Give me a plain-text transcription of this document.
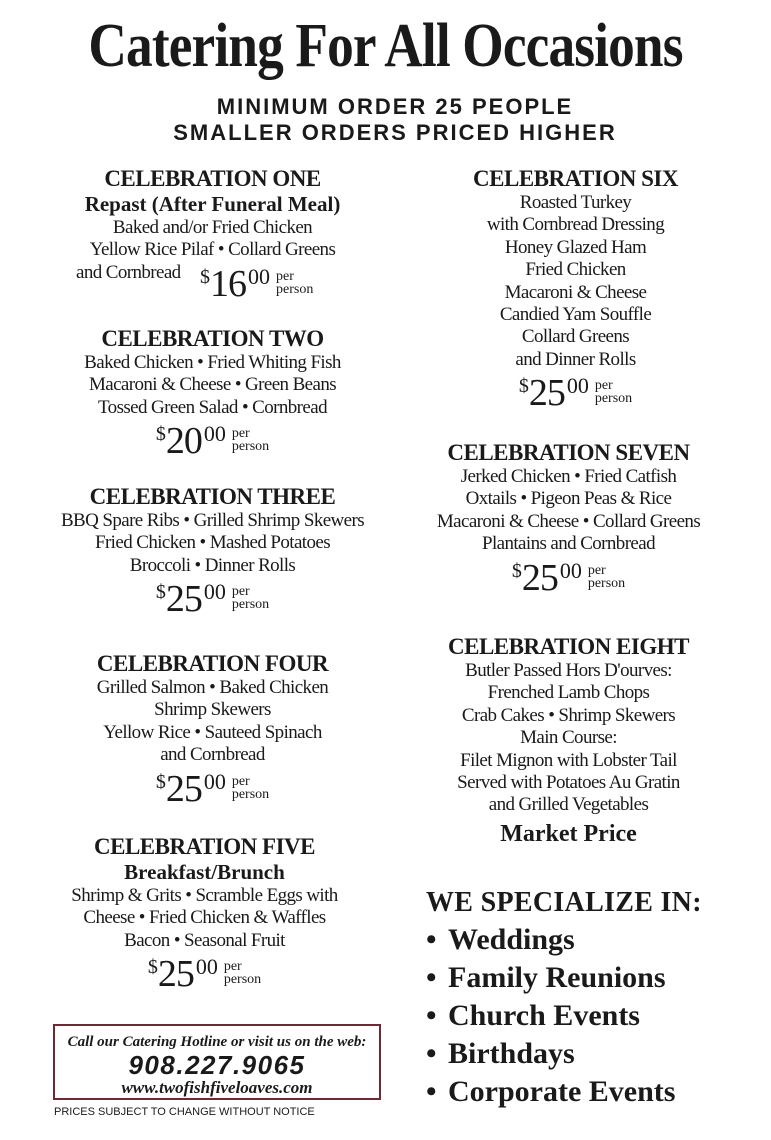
Catering For All Occasions
MINIMUM ORDER 25 PEOPLE
SMALLER ORDERS PRICED HIGHER
CELEBRATION ONE
Repast (After Funeral Meal)
Baked and/or Fried Chicken
Yellow Rice Pilaf • Collard Greens
and Cornbread $ 16 00 per
person
CELEBRATION TWO
Baked Chicken • Fried Whiting Fish
Macaroni & Cheese • Green Beans
Tossed Green Salad • Cornbread
$ 20 00 per
person
CELEBRATION THREE
BBQ Spare Ribs • Grilled Shrimp Skewers
Fried Chicken • Mashed Potatoes
Broccoli • Dinner Rolls
$ 25 00 per
person
CELEBRATION FOUR
Grilled Salmon • Baked Chicken
Shrimp Skewers
Yellow Rice • Sauteed Spinach
and Cornbread
$ 25 00 per
person
CELEBRATION FIVE
Breakfast/Brunch
Shrimp & Grits • Scramble Eggs with
Cheese • Fried Chicken & Waffles
Bacon • Seasonal Fruit
$ 25 00 per
person
CELEBRATION SIX
Roasted Turkey
with Cornbread Dressing
Honey Glazed Ham
Fried Chicken
Macaroni & Cheese
Candied Yam Souffle
Collard Greens
and Dinner Rolls
$ 25 00 per
person
CELEBRATION SEVEN
Jerked Chicken • Fried Catfish
Oxtails • Pigeon Peas & Rice
Macaroni & Cheese • Collard Greens
Plantains and Cornbread
$ 25 00 per
person
CELEBRATION EIGHT
Butler Passed Hors D'ourves:
Frenched Lamb Chops
Crab Cakes • Shrimp Skewers
Main Course:
Filet Mignon with Lobster Tail
Served with Potatoes Au Gratin
and Grilled Vegetables
Market Price
WE SPECIALIZE IN:
• Weddings
• Family Reunions
• Church Events
• Birthdays
• Corporate Events
Call our Catering Hotline or visit us on the web:
908.227.9065
www.twofishfiveloaves.com
PRICES SUBJECT TO CHANGE WITHOUT NOTICE
